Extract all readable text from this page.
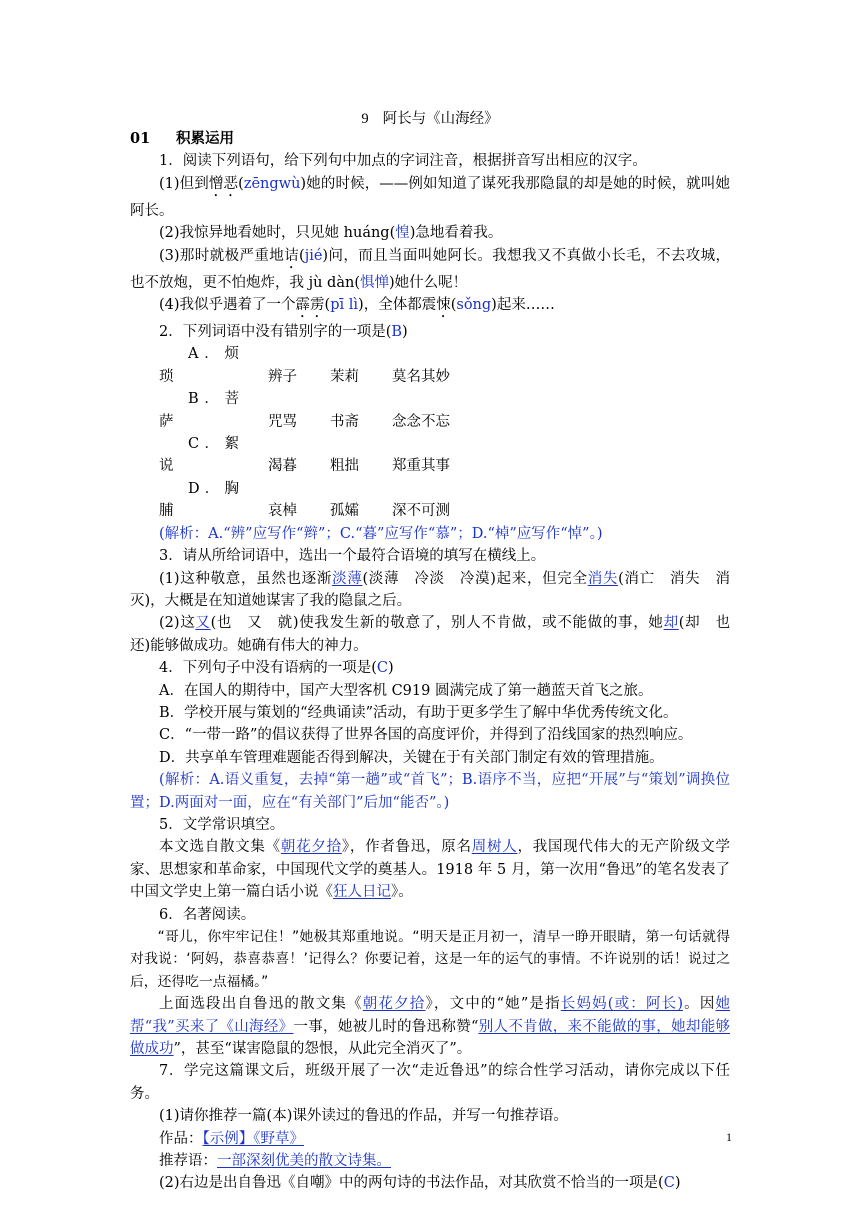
9 阿长与《山海经》

01 积累运用

1．阅读下列语句，给下列句中加点的字词注音，根据拼音写出相应的汉字。

(1)但到憎恶(zēngwù)她的时候，——例如知道了谋死我那隐鼠的却是她的时候，就叫她阿长。

(2)我惊异地看她时，只见她 huáng(惶)急地看着我。

(3)那时就极严重地诘(jié)问，而且当面叫她阿长。我想我又不真做小长毛，不去攻城，也不放炮，更不怕炮炸，我 jù dàn(惧惮)她什么呢！

(4)我似乎遇着了一个霹雳(pī lì)，全体都震悚(sǒng)起来……

2．下列词语中没有错别字的一项是(B)

A．烦琐	辨子 茉莉 莫名其妙

B．菩萨	咒骂 书斋 念念不忘

C．絮说	渴暮 粗拙 郑重其事

D．胸脯	哀棹 孤孀 深不可测

(解析：A.“辨”应写作“辫”；C.“暮”应写作“慕”；D.“棹”应写作“悼”。)

3．请从所给词语中，选出一个最符合语境的填写在横线上。

(1)这种敬意，虽然也逐渐淡薄(淡薄　冷淡　冷漠)起来，但完全消失(消亡　消失　消灭)，大概是在知道她谋害了我的隐鼠之后。

(2)这又(也　又　就)使我发生新的敬意了，别人不肯做，或不能做的事，她却(却　也　还)能够做成功。她确有伟大的神力。

4．下列句子中没有语病的一项是(C)

A．在国人的期待中，国产大型客机 C919 圆满完成了第一趟蓝天首飞之旅。

B．学校开展与策划的“经典诵读”活动，有助于更多学生了解中华优秀传统文化。

C．“一带一路”的倡议获得了世界各国的高度评价，并得到了沿线国家的热烈响应。

D．共享单车管理难题能否得到解决，关键在于有关部门制定有效的管理措施。

(解析：A.语义重复，去掉“第一趟”或“首飞”；B.语序不当，应把“开展”与“策划”调换位置；D.两面对一面，应在“有关部门”后加“能否”。)

5．文学常识填空。

本文选自散文集《朝花夕拾》，作者鲁迅，原名周树人，我国现代伟大的无产阶级文学家、思想家和革命家，中国现代文学的奠基人。1918 年 5 月，第一次用“鲁迅”的笔名发表了中国文学史上第一篇白话小说《狂人日记》。

6．名著阅读。

“哥儿，你牢牢记住！”她极其郑重地说。“明天是正月初一，清早一睁开眼睛，第一句话就得对我说：‘阿妈，恭喜恭喜！’记得么？你要记着，这是一年的运气的事情。不许说别的话！说过之后，还得吃一点福橘。”

上面选段出自鲁迅的散文集《朝花夕拾》，文中的“她”是指长妈妈(或：阿长)。因她帮“我”买来了《山海经》一事，她被儿时的鲁迅称赞“别人不肯做，来不能做的事，她却能够做成功”，甚至“谋害隐鼠的怨恨，从此完全消灭了”。

7．学完这篇课文后，班级开展了一次“走近鲁迅”的综合性学习活动，请你完成以下任务。

(1)请你推荐一篇(本)课外读过的鲁迅的作品，并写一句推荐语。

作品：【示例】《野草》

推荐语：一部深刻优美的散文诗集。

(2)右边是出自鲁迅《自嘲》中的两句诗的书法作品，对其欣赏不恰当的一项是(C)

1
